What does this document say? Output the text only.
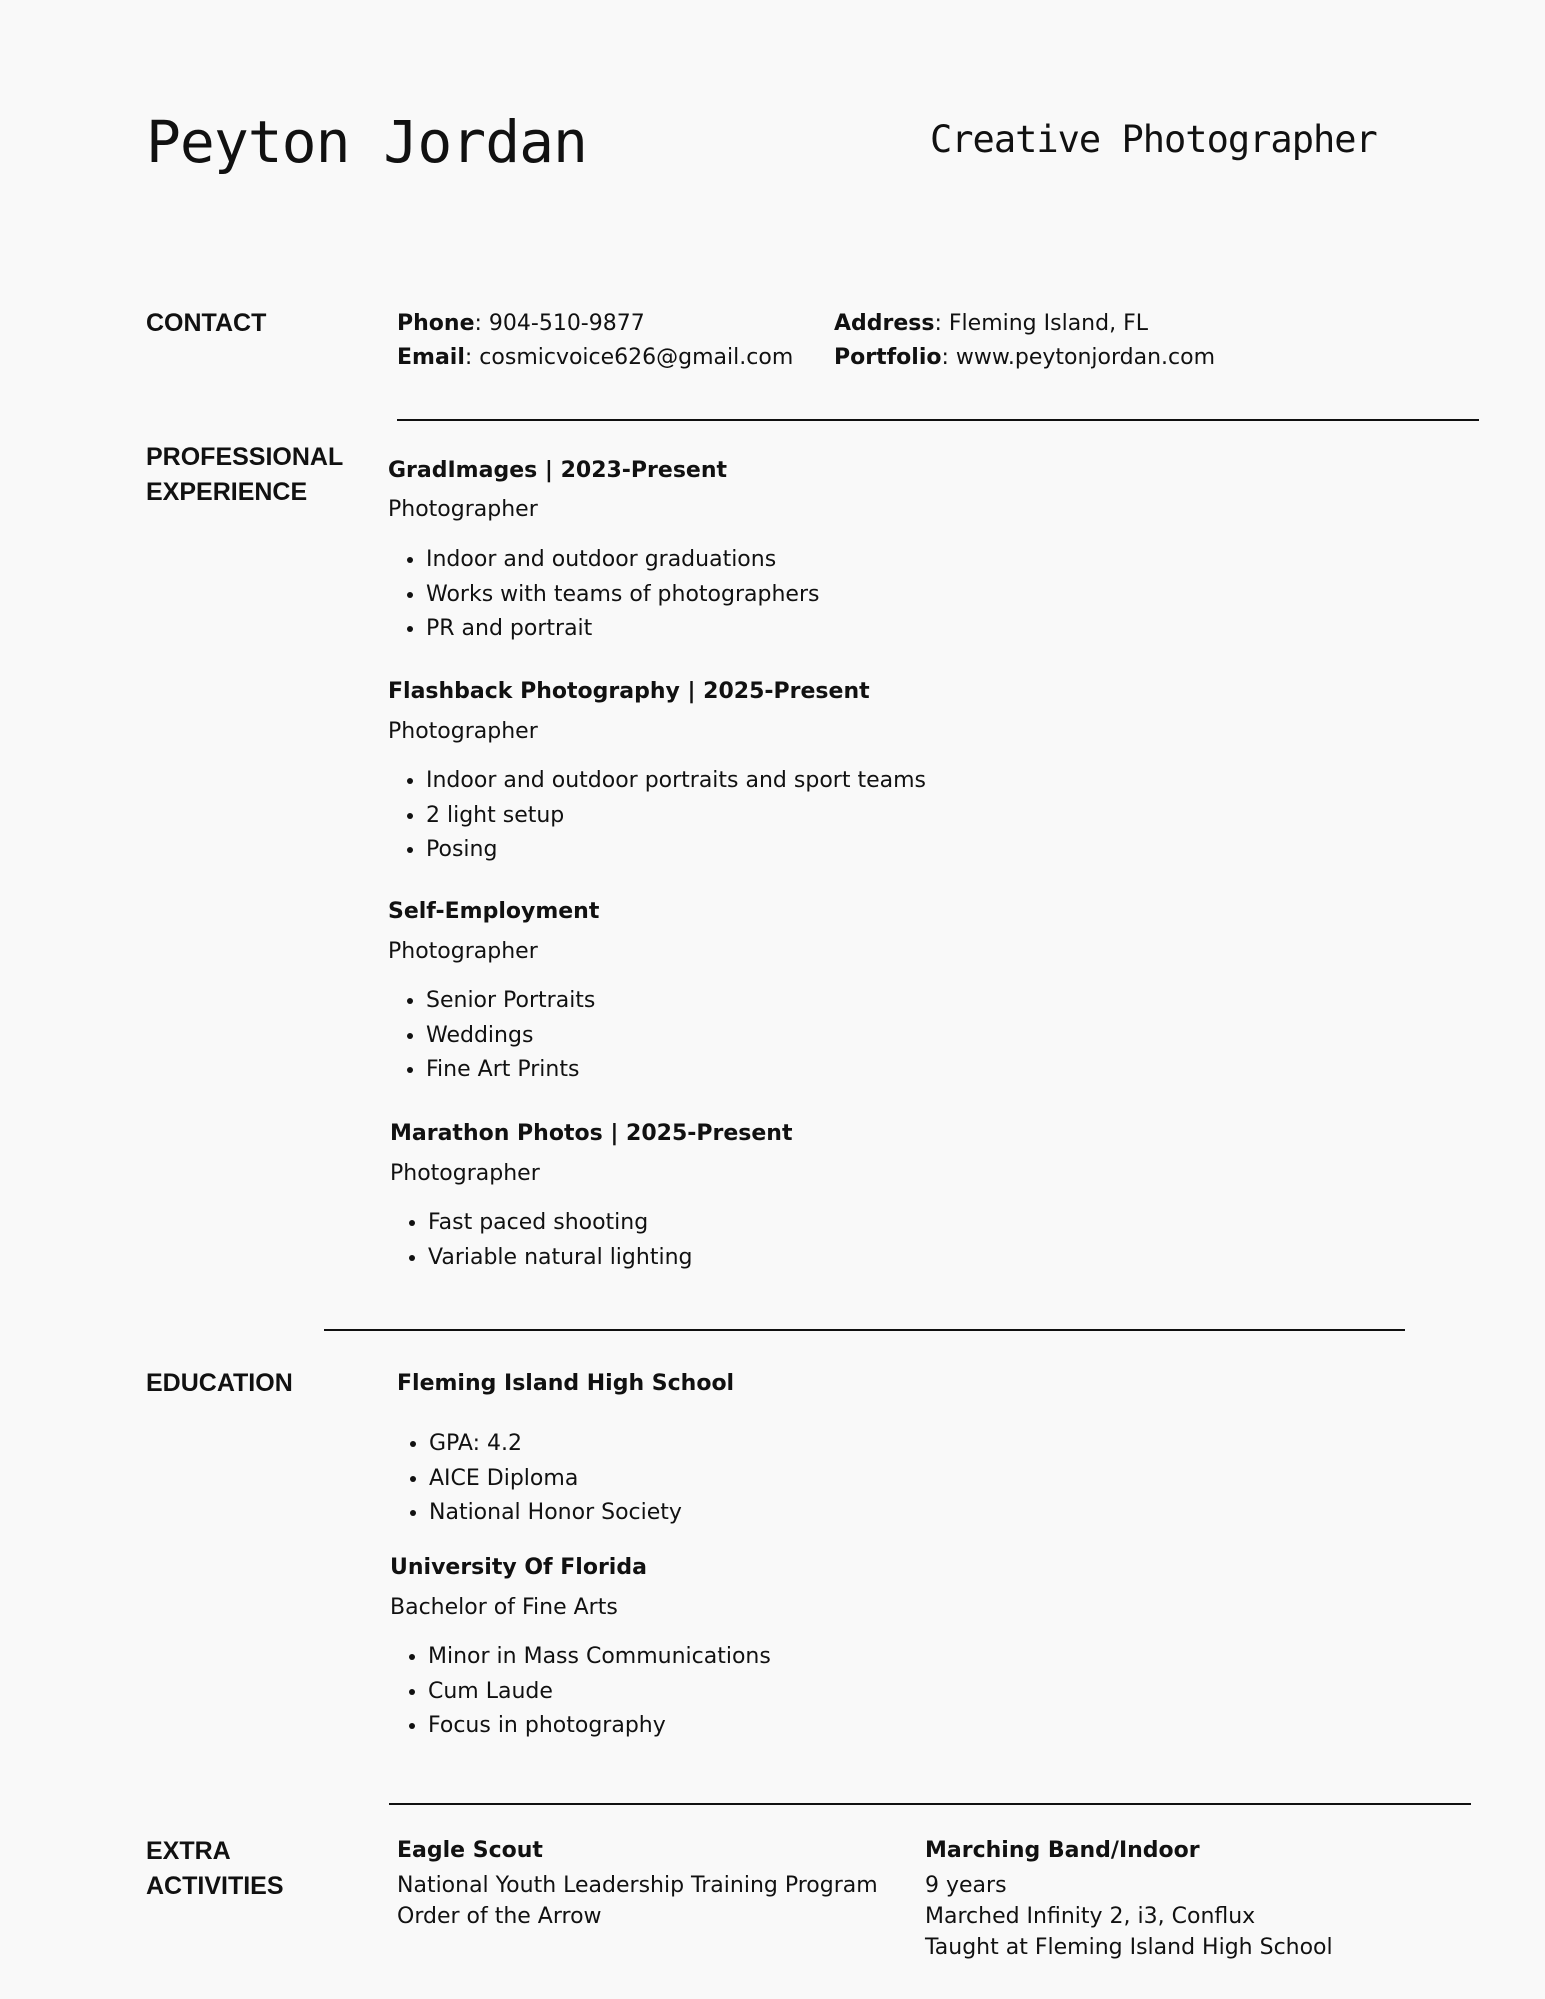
Peyton Jordan	Creative Photographer
CONTACT	Phone: 904-510-9877
Email: cosmicvoice626@gmail.com
Address: Fleming Island, FL
Portfolio: www.peytonjordan.com
PROFESSIONAL EXPERIENCE
GradImages | 2023-Present
Photographer
• Indoor and outdoor graduations
• Works with teams of photographers
• PR and portrait
Flashback Photography | 2025-Present
Photographer
• Indoor and outdoor portraits and sport teams
• 2 light setup
• Posing
Self-Employment
Photographer
• Senior Portraits
• Weddings
• Fine Art Prints
Marathon Photos | 2025-Present
Photographer
• Fast paced shooting
• Variable natural lighting
EDUCATION	Fleming Island High School
• GPA: 4.2
• AICE Diploma
• National Honor Society
University Of Florida
Bachelor of Fine Arts
• Minor in Mass Communications
• Cum Laude
• Focus in photography
EXTRA ACTIVITIES
Eagle Scout
National Youth Leadership Training Program
Order of the Arrow
Marching Band/Indoor
9 years
Marched Infinity 2, i3, Conflux
Taught at Fleming Island High School
